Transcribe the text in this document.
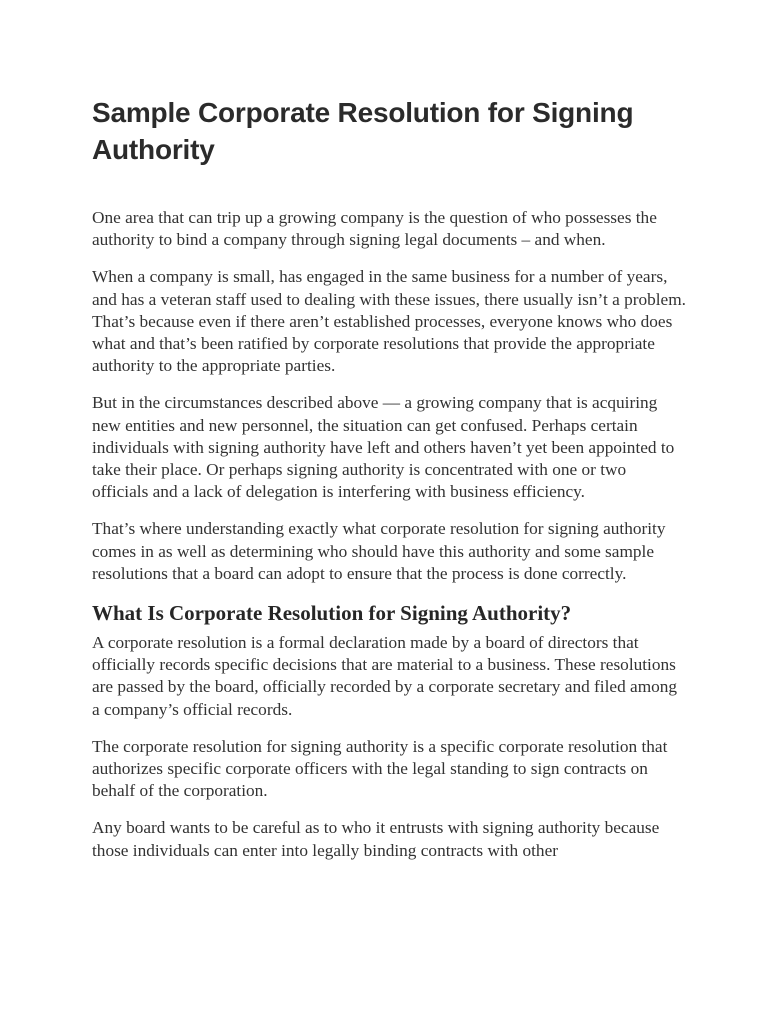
Sample Corporate Resolution for Signing Authority

One area that can trip up a growing company is the question of who possesses the authority to bind a company through signing legal documents – and when.

When a company is small, has engaged in the same business for a number of years, and has a veteran staff used to dealing with these issues, there usually isn’t a problem. That’s because even if there aren’t established processes, everyone knows who does what and that’s been ratified by corporate resolutions that provide the appropriate authority to the appropriate parties.

But in the circumstances described above — a growing company that is acquiring new entities and new personnel, the situation can get confused. Perhaps certain individuals with signing authority have left and others haven’t yet been appointed to take their place. Or perhaps signing authority is concentrated with one or two officials and a lack of delegation is interfering with business efficiency.

That’s where understanding exactly what corporate resolution for signing authority comes in as well as determining who should have this authority and some sample resolutions that a board can adopt to ensure that the process is done correctly.

What Is Corporate Resolution for Signing Authority?

A corporate resolution is a formal declaration made by a board of directors that officially records specific decisions that are material to a business. These resolutions are passed by the board, officially recorded by a corporate secretary and filed among a company’s official records.

The corporate resolution for signing authority is a specific corporate resolution that authorizes specific corporate officers with the legal standing to sign contracts on behalf of the corporation.

Any board wants to be careful as to who it entrusts with signing authority because those individuals can enter into legally binding contracts with other
